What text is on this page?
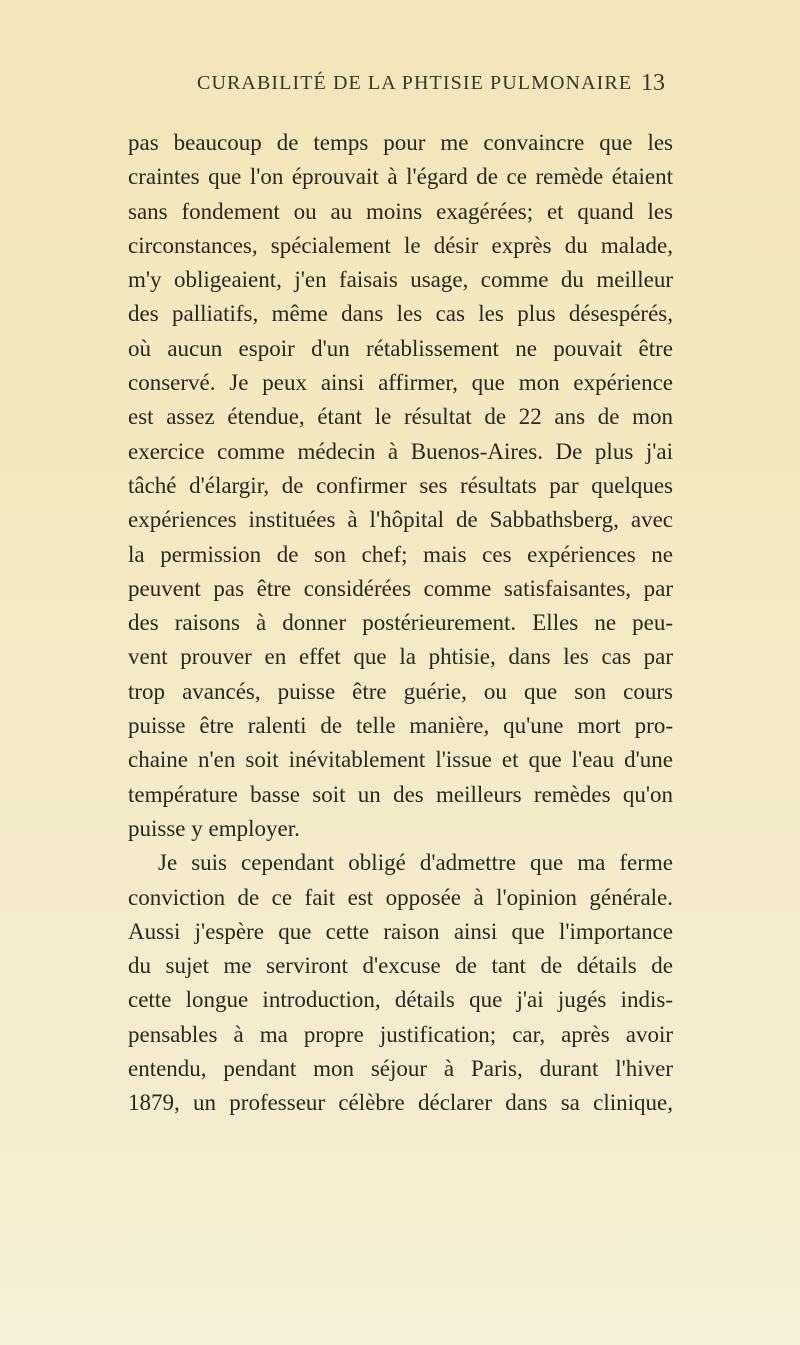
CURABILITÉ DE LA PHTISIE PULMONAIRE 13
pas beaucoup de temps pour me convaincre que les
craintes que l'on éprouvait à l'égard de ce remède étaient
sans fondement ou au moins exagérées; et quand les
circonstances, spécialement le désir exprès du malade,
m'y obligeaient, j'en faisais usage, comme du meilleur
des palliatifs, même dans les cas les plus désespérés,
où aucun espoir d'un rétablissement ne pouvait être
conservé. Je peux ainsi affirmer, que mon expérience
est assez étendue, étant le résultat de 22 ans de mon
exercice comme médecin à Buenos-Aires. De plus j'ai
tâché d'élargir, de confirmer ses résultats par quelques
expériences instituées à l'hôpital de Sabbathsberg, avec
la permission de son chef; mais ces expériences ne
peuvent pas être considérées comme satisfaisantes, par
des raisons à donner postérieurement. Elles ne peu-
vent prouver en effet que la phtisie, dans les cas par
trop avancés, puisse être guérie, ou que son cours
puisse être ralenti de telle manière, qu'une mort pro-
chaine n'en soit inévitablement l'issue et que l'eau d'une
température basse soit un des meilleurs remèdes qu'on
puisse y employer.
Je suis cependant obligé d'admettre que ma ferme
conviction de ce fait est opposée à l'opinion générale.
Aussi j'espère que cette raison ainsi que l'importance
du sujet me serviront d'excuse de tant de détails de
cette longue introduction, détails que j'ai jugés indis-
pensables à ma propre justification; car, après avoir
entendu, pendant mon séjour à Paris, durant l'hiver
1879, un professeur célèbre déclarer dans sa clinique,
